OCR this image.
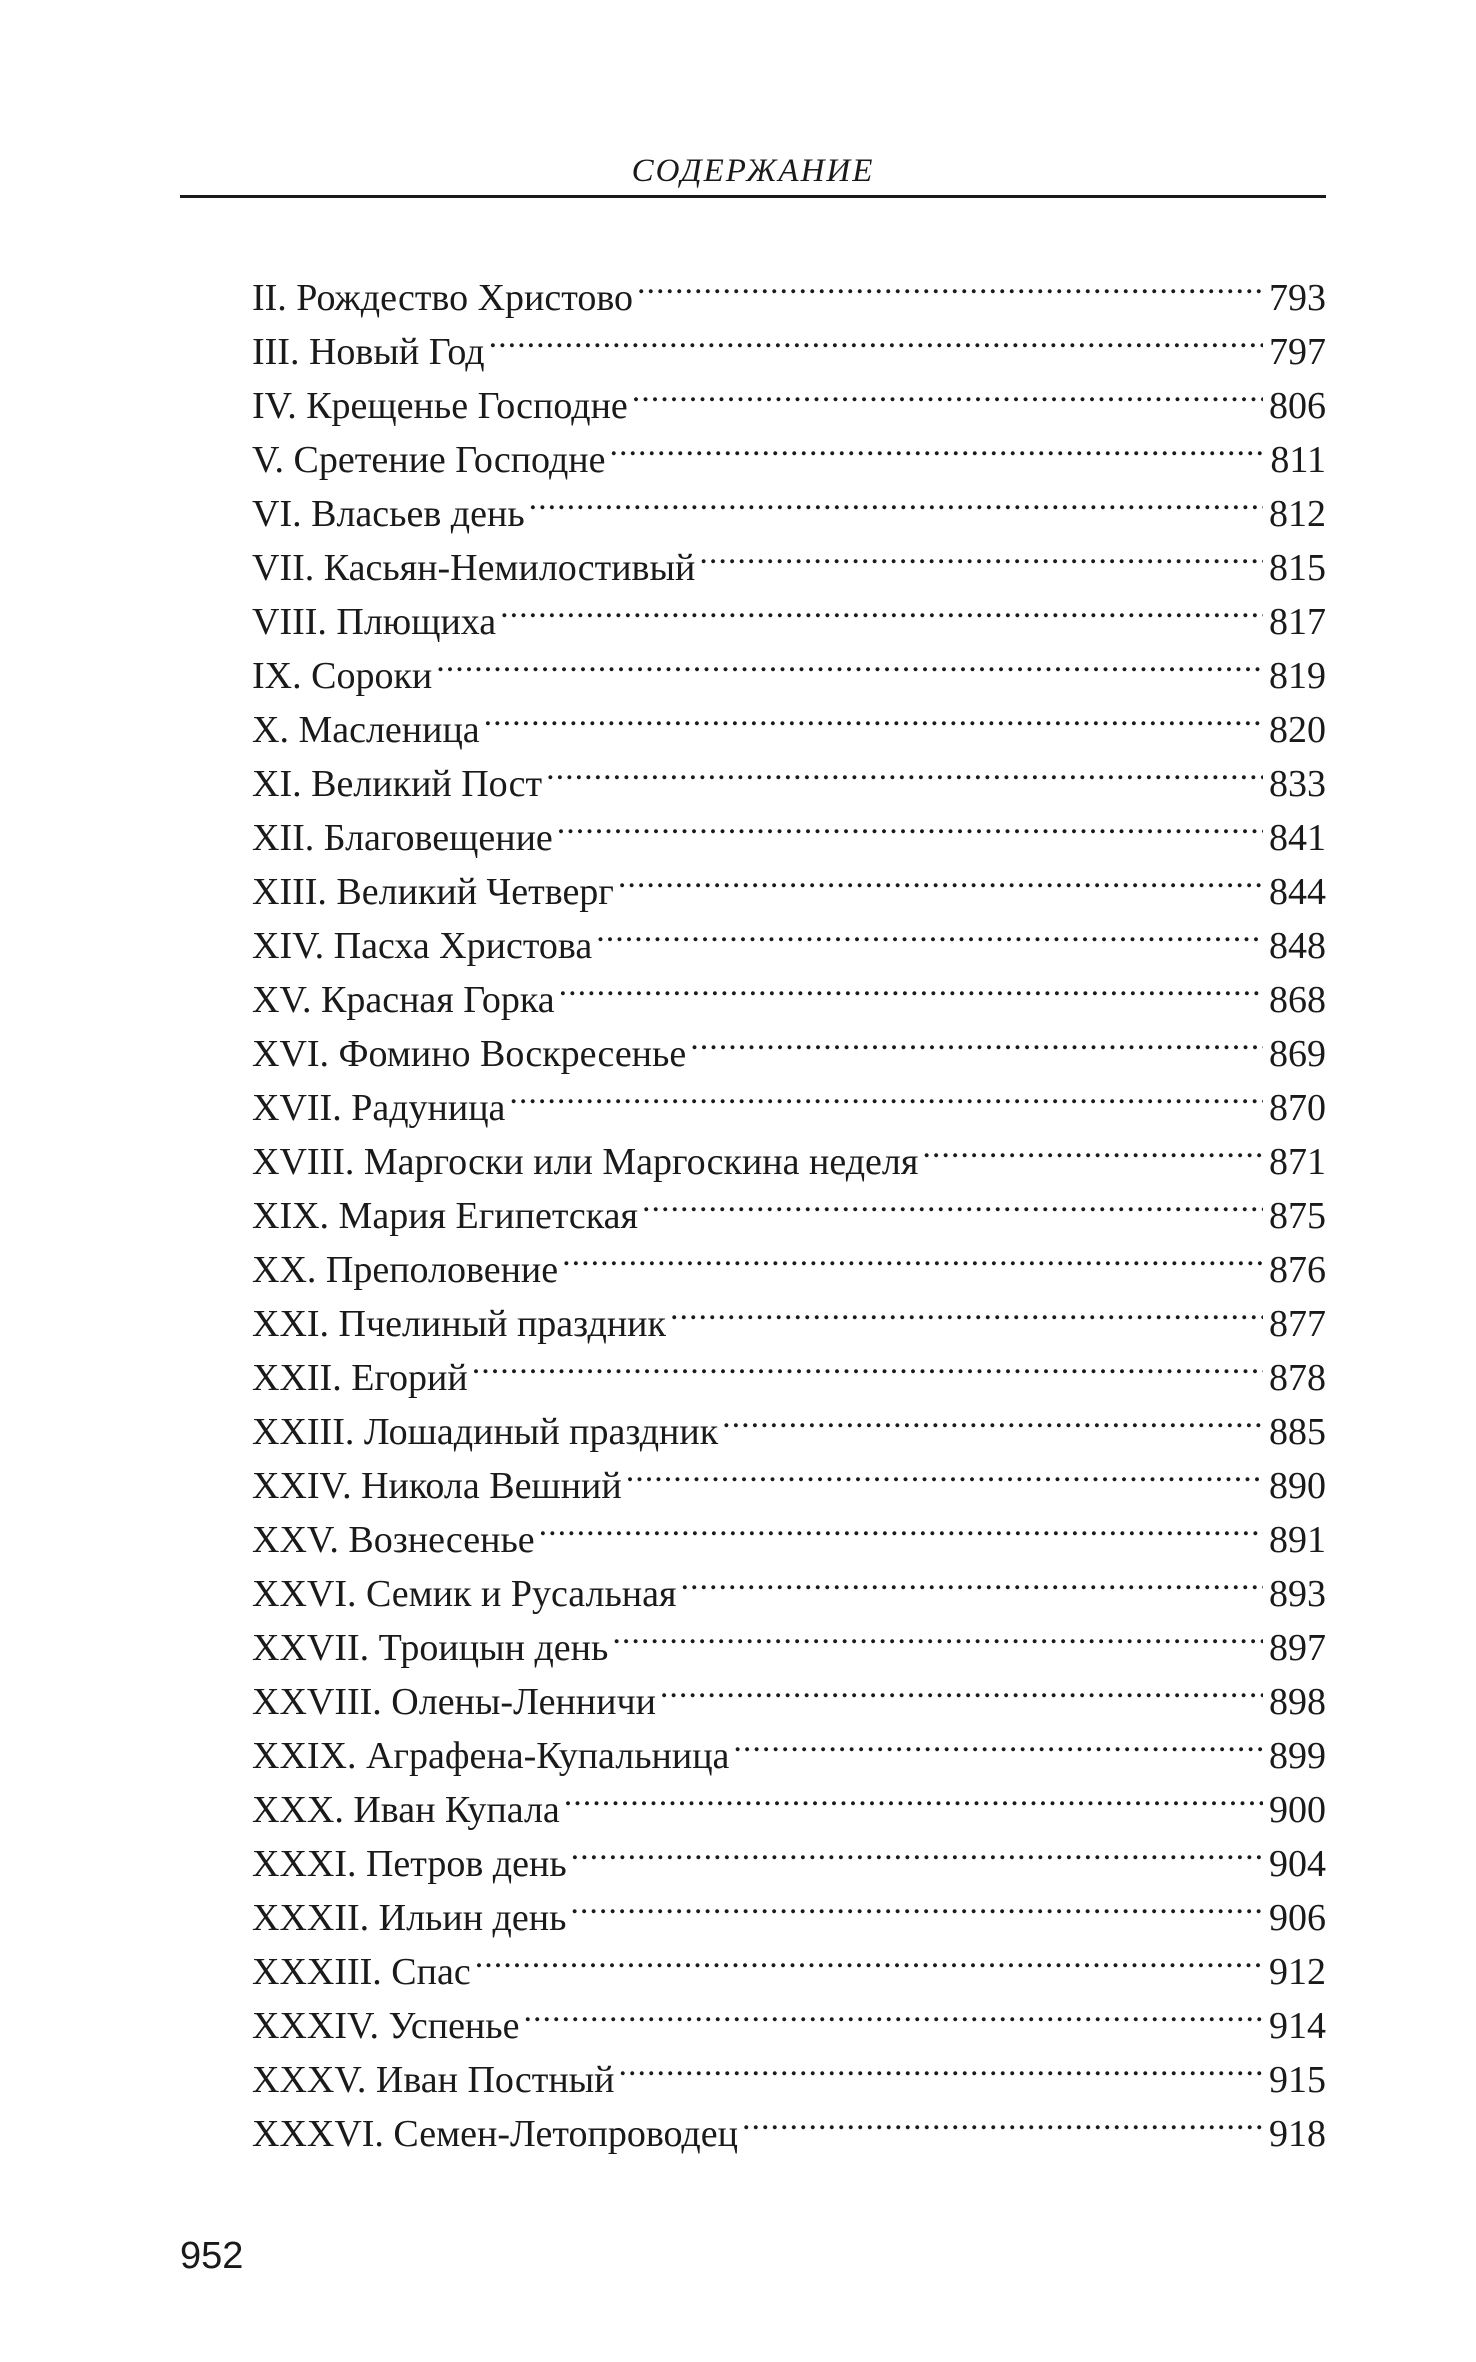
СОДЕРЖАНИЕ
II. Рождество Христово .....	793
III. Новый Год .....	797
IV. Крещенье Господне .....	806
V. Сретение Господне .....	811
VI. Власьев день .....	812
VII. Касьян-Немилостивый .....	815
VIII. Плющиха .....	817
IX. Сороки .....	819
X. Масленица .....	820
XI. Великий Пост .....	833
XII. Благовещение .....	841
XIII. Великий Четверг .....	844
XIV. Пасха Христова .....	848
XV. Красная Горка .....	868
XVI. Фомино Воскресенье .....	869
XVII. Радуница .....	870
XVIII. Маргоски или Маргоскина неделя .....	871
XIX. Мария Египетская .....	875
XX. Преполовение .....	876
XXI. Пчелиный праздник .....	877
XXII. Егорий .....	878
XXIII. Лошадиный праздник .....	885
XXIV. Никола Вешний .....	890
XXV. Вознесенье .....	891
XXVI. Семик и Русальная .....	893
XXVII. Троицын день .....	897
XXVIII. Олены-Ленничи .....	898
XXIX. Аграфена-Купальница .....	899
XXX. Иван Купала .....	900
XXXI. Петров день .....	904
XXXII. Ильин день .....	906
XXXIII. Спас .....	912
XXXIV. Успенье .....	914
XXXV. Иван Постный .....	915
XXXVI. Семен-Летопроводец .....	918
952
